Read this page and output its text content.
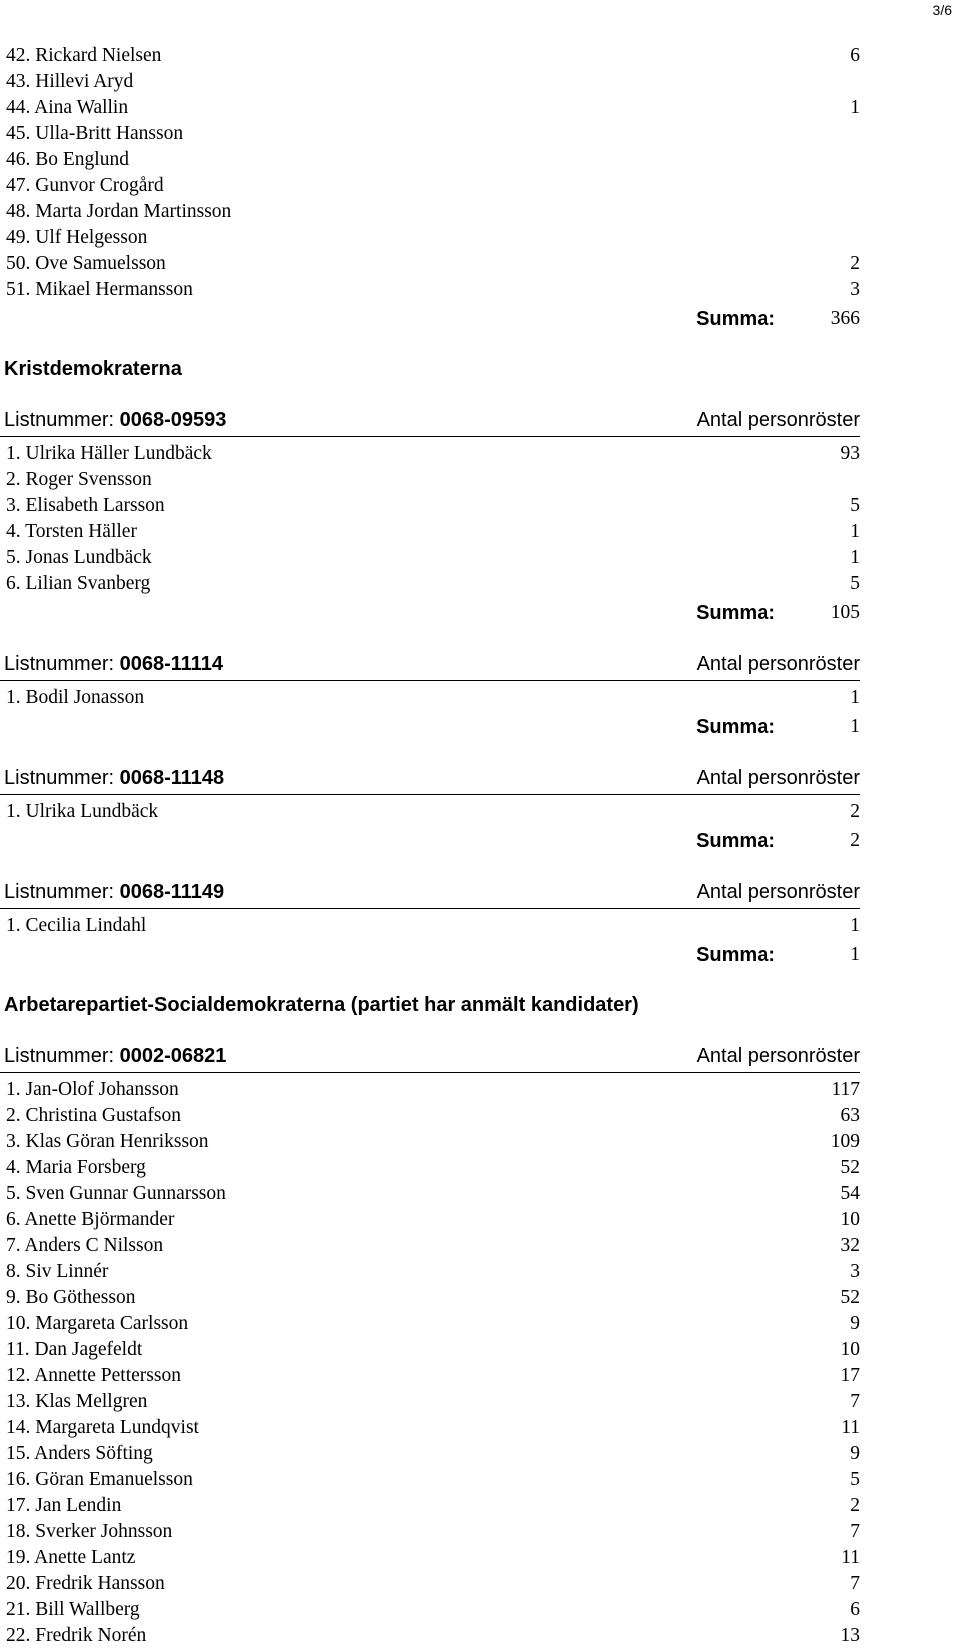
3/6
42. Rickard Nielsen	6
43. Hillevi Aryd
44. Aina Wallin	1
45. Ulla-Britt Hansson
46. Bo Englund
47. Gunvor Crogård
48. Marta Jordan Martinsson
49. Ulf Helgesson
50. Ove Samuelsson	2
51. Mikael Hermansson	3
Summa:	366
Kristdemokraterna
Listnummer: 0068-09593	Antal personröster
1. Ulrika Häller Lundbäck	93
2. Roger Svensson
3. Elisabeth Larsson	5
4. Torsten Häller	1
5. Jonas Lundbäck	1
6. Lilian Svanberg	5
Summa:	105
Listnummer: 0068-11114	Antal personröster
1. Bodil Jonasson	1
Summa:	1
Listnummer: 0068-11148	Antal personröster
1. Ulrika Lundbäck	2
Summa:	2
Listnummer: 0068-11149	Antal personröster
1. Cecilia Lindahl	1
Summa:	1
Arbetarepartiet-Socialdemokraterna (partiet har anmält kandidater)
Listnummer: 0002-06821	Antal personröster
1. Jan-Olof Johansson	117
2. Christina Gustafson	63
3. Klas Göran Henriksson	109
4. Maria Forsberg	52
5. Sven Gunnar Gunnarsson	54
6. Anette Björmander	10
7. Anders C Nilsson	32
8. Siv Linnér	3
9. Bo Göthesson	52
10. Margareta Carlsson	9
11. Dan Jagefeldt	10
12. Annette Pettersson	17
13. Klas Mellgren	7
14. Margareta Lundqvist	11
15. Anders Söfting	9
16. Göran Emanuelsson	5
17. Jan Lendin	2
18. Sverker Johnsson	7
19. Anette Lantz	11
20. Fredrik Hansson	7
21. Bill Wallberg	6
22. Fredrik Norén	13
